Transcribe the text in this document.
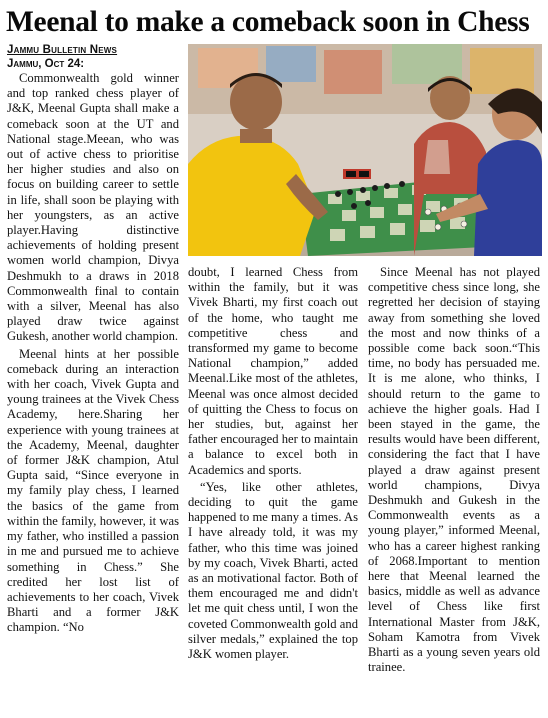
Meenal to make a comeback soon in Chess
Jammu Bulletin News
Jammu, Oct 24:

Commonwealth gold winner and top ranked chess player of J&K, Meenal Gupta shall make a comeback soon at the UT and National stage.Meean, who was out of active chess to prioritise her higher studies and also on focus on building career to settle in life, shall soon be playing with her youngsters, as an active player.Having distinctive achievements of holding present women world champion, Divya Deshmukh to a draws in 2018 Commonwealth final to contain with a silver, Meenal has also played draw twice against Gukesh, another world champion.

Meenal hints at her possible comeback during an interaction with her coach, Vivek Gupta and young trainees at the Vivek Chess Academy, here.Sharing her experience with young trainees at the Academy, Meenal, daughter of former J&K champion, Atul Gupta said, “Since everyone in my family play chess, I learned the basics of the game from within the family, however, it was my father, who instilled a passion in me and pursued me to achieve something in Chess.” She credited her lost list of achievements to her coach, Vivek Bharti and a former J&K champion. “No

doubt, I learned Chess from within the family, but it was Vivek Bharti, my first coach out of the home, who taught me competitive chess and transformed my game to become National champion,” added Meenal.Like most of the athletes, Meenal was once almost decided of quitting the Chess to focus on her studies, but, against her father encouraged her to maintain a balance to excel both in Academics and sports.

“Yes, like other athletes, deciding to quit the game happened to me many a times. As I have already told, it was my father, who this time was joined by my coach, Vivek Bharti, acted as an motivational factor. Both of them encouraged me and didn't let me quit chess until, I won the coveted Commonwealth gold and silver medals,” explained the top J&K women player.

Since Meenal has not played competitive chess since long, she regretted her decision of staying away from something she loved the most and now thinks of a possible come back soon.“This time, no body has persuaded me. It is me alone, who thinks, I should return to the game to achieve the higher goals. Had I been stayed in the game, the results would have been different, considering the fact that I have played a draw against present world champions, Divya Deshmukh and Gukesh in the Commonwealth events as a young player,” informed Meenal, who has a career highest ranking of 2068.Important to mention here that Meenal learned the basics, middle as well as advance level of Chess like first International Master from J&K, Soham Kamotra from Vivek Bharti as a young seven years old trainee.
